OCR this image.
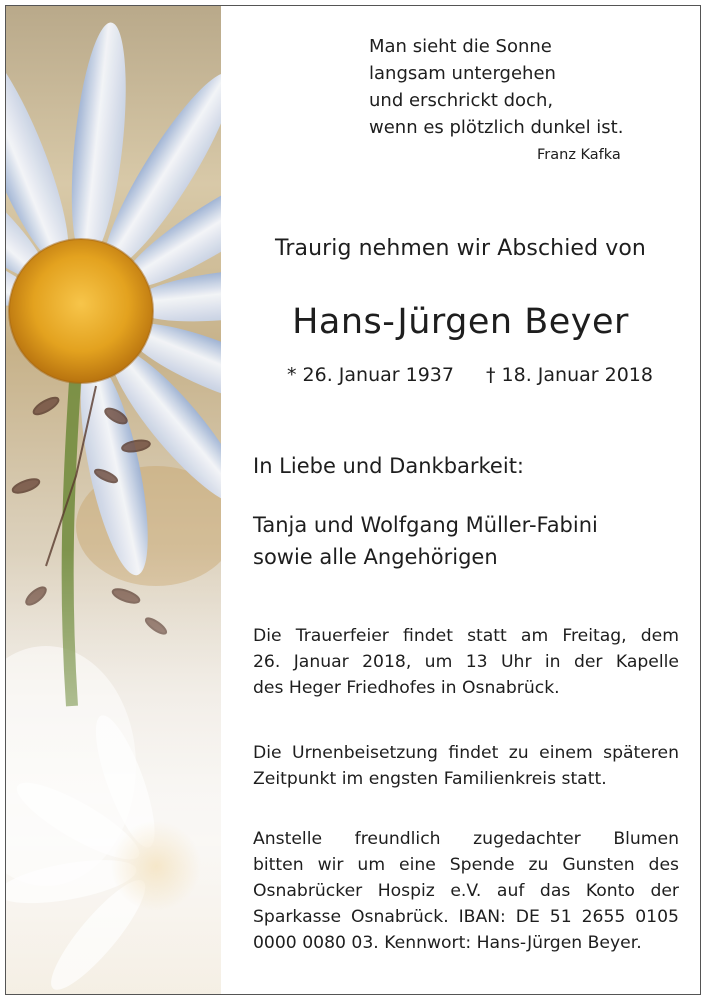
Man sieht die Sonne
langsam untergehen
und erschrickt doch,
wenn es plötzlich dunkel ist.
Franz Kafka
Traurig nehmen wir Abschied von
Hans-Jürgen Beyer
* 26. Januar 1937 † 18. Januar 2018
In Liebe und Dankbarkeit:
Tanja und Wolfgang Müller-Fabini
sowie alle Angehörigen
Die Trauerfeier findet statt am Freitag, dem
26. Januar 2018, um 13 Uhr in der Kapelle
des Heger Friedhofes in Osnabrück.
Die Urnenbeisetzung findet zu einem späteren
Zeitpunkt im engsten Familienkreis statt.
Anstelle freundlich zugedachter Blumen
bitten wir um eine Spende zu Gunsten des
Osnabrücker Hospiz e.V. auf das Konto der
Sparkasse Osnabrück. IBAN: DE 51 2655 0105
0000 0080 03. Kennwort: Hans-Jürgen Beyer.
